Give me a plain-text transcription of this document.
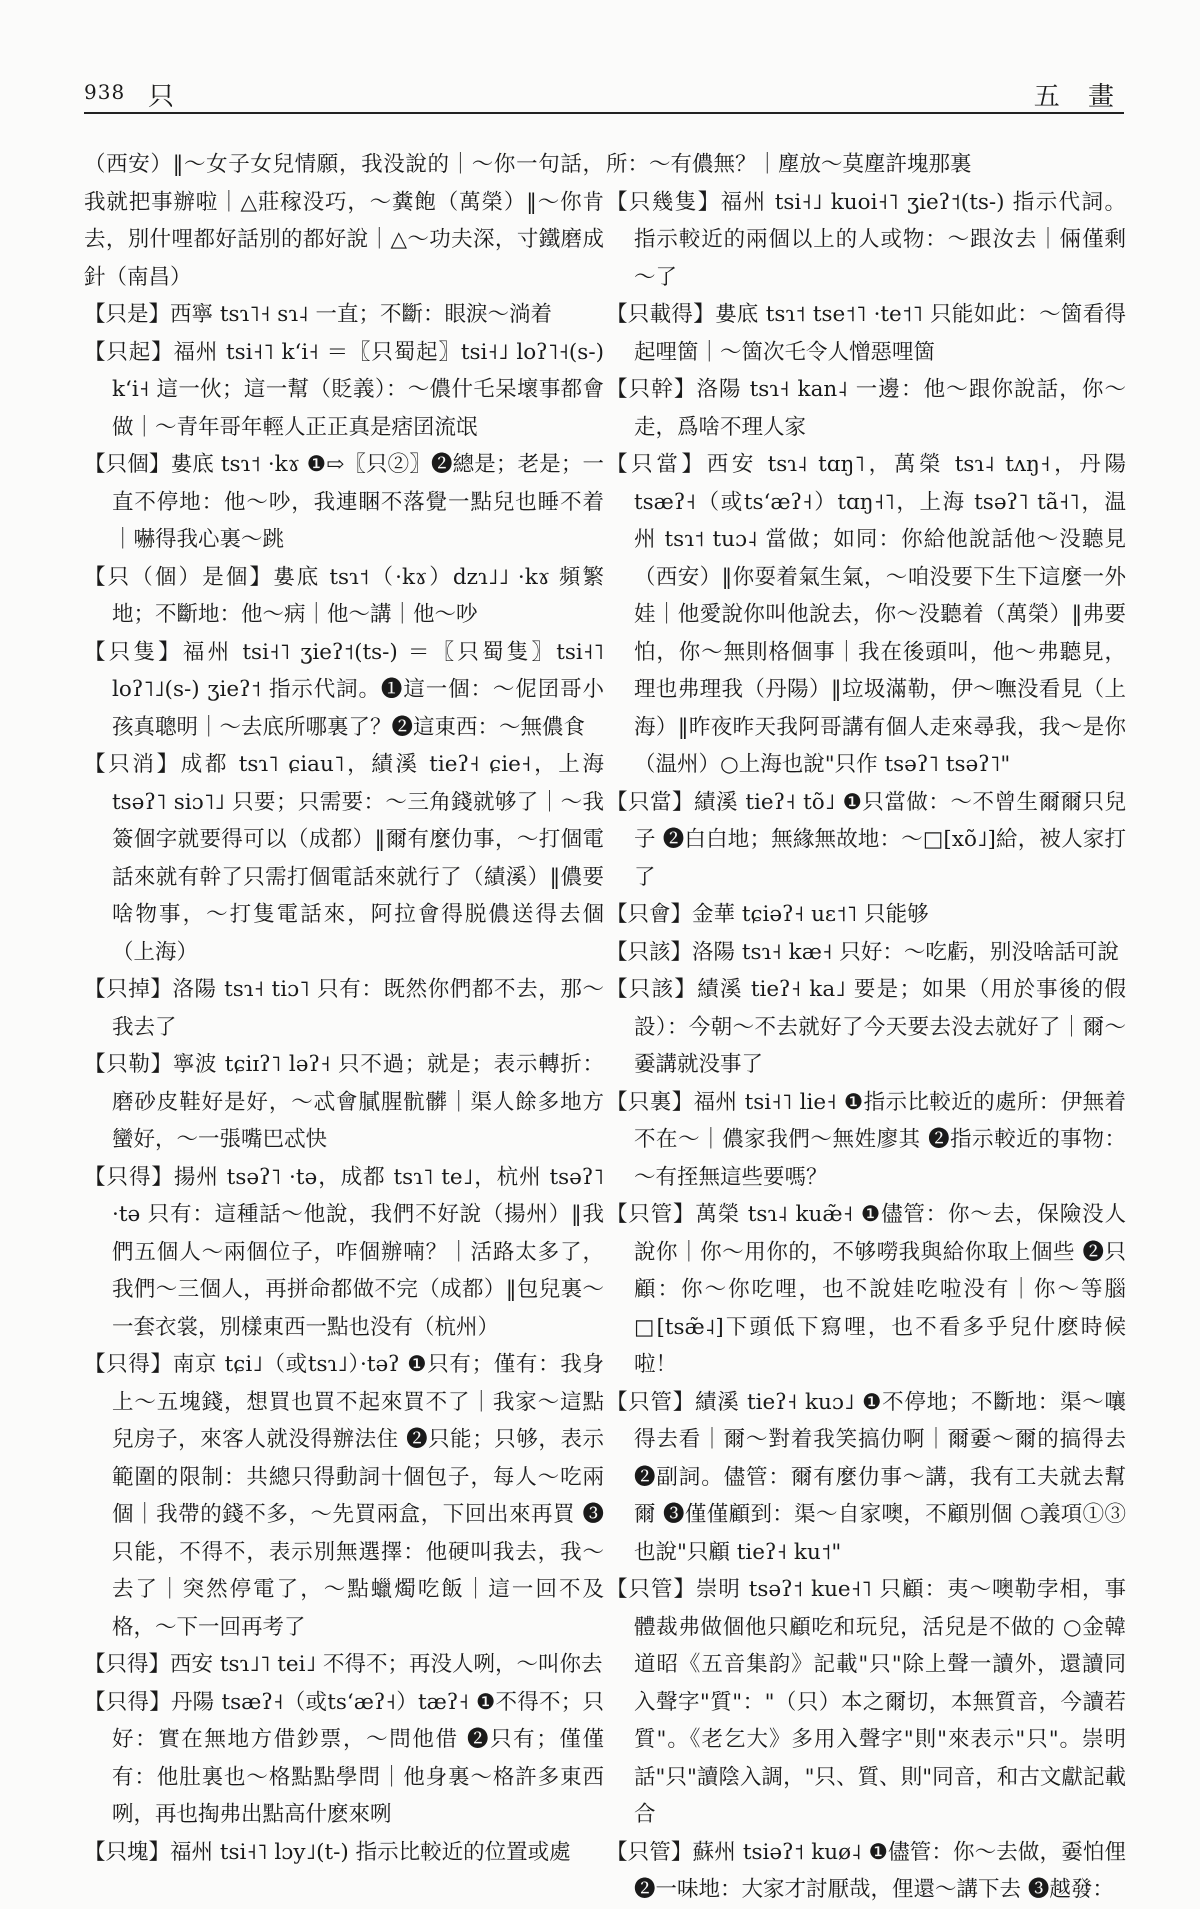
938 只	五 畫

（西安）‖～女子女兒情願，我没說的｜～你一句話，我就把事辦啦｜△莊稼没巧，～糞飽（萬榮）‖～你肯去，別什哩都好話別的都好說｜△～功夫深，寸鐵磨成針（南昌）

【只是】西寧 tsɿ˥˧ sɿ˨ 一直；不斷：眼淚～淌着

【只起】福州 tsi˧˥ kʻi˧ ＝〖只蜀起〗tsi˧˩ loʔ˥˧(s-) kʻi˧ 這一伙；這一幫（貶義）：～儂什乇呆壞事都會做｜～青年哥年輕人正正真是痞囝流氓

【只個】婁底 tsɿ˦ ·kɤ ❶⇨〖只②〗❷總是；老是；一直不停地：他～吵，我連睏不落覺一點兒也睡不着｜嚇得我心裏～跳

【只（個）是個】婁底 tsɿ˦（·kɤ）dzɿ˩˩ ·kɤ 頻繁地；不斷地：他～病｜他～講｜他～吵

【只隻】福州 tsi˧˥ ʒieʔ˦(ts-) ＝〖只蜀隻〗tsi˧˥ loʔ˥˩(s-) ʒieʔ˦ 指示代詞。❶這一個：～伲囝哥小孩真聰明｜～去底所哪裏了？❷這東西：～無儂食

【只消】成都 tsɿ˥ ɕiau˥，績溪 tieʔ˧ ɕie˧，上海 tsəʔ˥ siɔ˥˩ 只要；只需要：～三角錢就够了｜～我簽個字就要得可以（成都）‖爾有麼仂事，～打個電話來就有幹了只需打個電話來就行了（績溪）‖儂要啥物事，～打隻電話來，阿拉會得脱儂送得去個（上海）

【只掉】洛陽 tsɿ˧ tiɔ˥ 只有：既然你們都不去，那～我去了

【只勒】寧波 tɕiɪʔ˥ ləʔ˧ 只不過；就是；表示轉折：磨砂皮鞋好是好，～忒會膩腥骯髒｜渠人餘多地方蠻好，～一張嘴巴忒快

【只得】揚州 tsəʔ˥ ·tə，成都 tsɿ˥ te˩，杭州 tsəʔ˥ ·tə 只有：這種話～他說，我們不好說（揚州）‖我們五個人～兩個位子，咋個辦喃？｜活路太多了，我們～三個人，再拼命都做不完（成都）‖包兒裏～一套衣裳，別樣東西一點也没有（杭州）

【只得】南京 tɕi˩（或tsɿ˩）·təʔ ❶只有；僅有：我身上～五塊錢，想買也買不起來買不了｜我家～這點兒房子，來客人就没得辦法住 ❷只能；只够，表示範圍的限制：共總只得動詞十個包子，每人～吃兩個｜我帶的錢不多，～先買兩盒，下回出來再買 ❸只能，不得不，表示別無選擇：他硬叫我去，我～去了｜突然停電了，～點蠟燭吃飯｜這一回不及格，～下一回再考了

【只得】西安 tsɿ˩˥ tei˩ 不得不；再没人咧，～叫你去

【只得】丹陽 tsæʔ˧（或tsʻæʔ˧）tæʔ˧ ❶不得不；只好：實在無地方借鈔票，～問他借 ❷只有；僅僅有：他肚裏也～格點點學問｜他身裏～格許多東西咧，再也掏弗出點高什麽來咧

【只塊】福州 tsi˧˥ lɔy˩(t-) 指示比較近的位置或處

所：～有儂無？｜塵放～莫塵許塊那裏

【只幾隻】福州 tsi˧˩ kuoi˧˥ ʒieʔ˦(ts-) 指示代詞。指示較近的兩個以上的人或物：～跟汝去｜倆僅剩～了

【只載得】婁底 tsɿ˦ tse˦˥ ·te˦˥ 只能如此：～箇看得起哩箇｜～箇次乇令人憎惡哩箇

【只幹】洛陽 tsɿ˧ kan˨ 一邊：他～跟你說話，你～走，爲啥不理人家

【只當】西安 tsɿ˨ tɑŋ˥，萬榮 tsɿ˨ tʌŋ˧，丹陽 tsæʔ˧（或tsʻæʔ˧）tɑŋ˧˥，上海 tsəʔ˥ tã˧˥，温州 tsɿ˦ tuɔ˨ 當做；如同：你給他說話他～没聽見（西安）‖你耍着氣生氣，～咱没要下生下這麼一外娃｜他愛說你叫他說去，你～没聽着（萬榮）‖弗要怕，你～無則格個事｜我在後頭叫，他～弗聽見，理也弗理我（丹陽）‖垃圾滿勒，伊～嘸没看見（上海）‖昨夜昨天我阿哥講有個人走來尋我，我～是你（温州）○上海也說"只作 tsəʔ˥ tsəʔ˥"

【只當】績溪 tieʔ˧ tõ˩ ❶只當做：～不曾生爾爾只兒子 ❷白白地；無緣無故地：～□[xõ˩]給，被人家打了

【只會】金華 tɕiəʔ˧ uɛ˦˥ 只能够

【只該】洛陽 tsɿ˧ kæ˧ 只好：～吃虧，别没啥話可說

【只該】績溪 tieʔ˧ ka˩ 要是；如果（用於事後的假設）：今朝～不去就好了今天要去没去就好了｜爾～嫑講就没事了

【只裏】福州 tsi˧˥ lie˧ ❶指示比較近的處所：伊無着不在～｜儂家我們～無姓廖其 ❷指示較近的事物：～有挃無這些要嗎？

【只管】萬榮 tsɿ˨ kuæ̃˧ ❶儘管：你～去，保險没人說你｜你～用你的，不够嘮我與給你取上個些 ❷只顧：你～你吃哩，也不說娃吃啦没有｜你～等腦□[tsæ̃˨]下頭低下寫哩，也不看多乎兒什麽時候啦！

【只管】績溪 tieʔ˧ kuɔ˩ ❶不停地；不斷地：渠～嚷得去看｜爾～對着我笑搞仂啊｜爾嫑～爾的搞得去 ❷副詞。儘管：爾有麼仂事～講，我有工夫就去幫爾 ❸僅僅顧到：渠～自家噢，不顧別個 ○義項①③也說"只顧 tieʔ˧ ku˦"

【只管】崇明 tsəʔ˦ kue˧˥ 只顧：夷～噢勒孛相，事體裁弗做個他只顧吃和玩兒，活兒是不做的 ○金韓道昭《五音集韵》記載"只"除上聲一讀外，還讀同入聲字"質"："（只）本之爾切，本無質音，今讀若質"。《老乞大》多用入聲字"則"來表示"只"。崇明話"只"讀陰入調，"只、質、則"同音，和古文獻記載合

【只管】蘇州 tsiəʔ˦ kuø˨ ❶儘管：你～去做，嫑怕俚 ❷一味地：大家才討厭哉，俚還～講下去 ❸越發：
